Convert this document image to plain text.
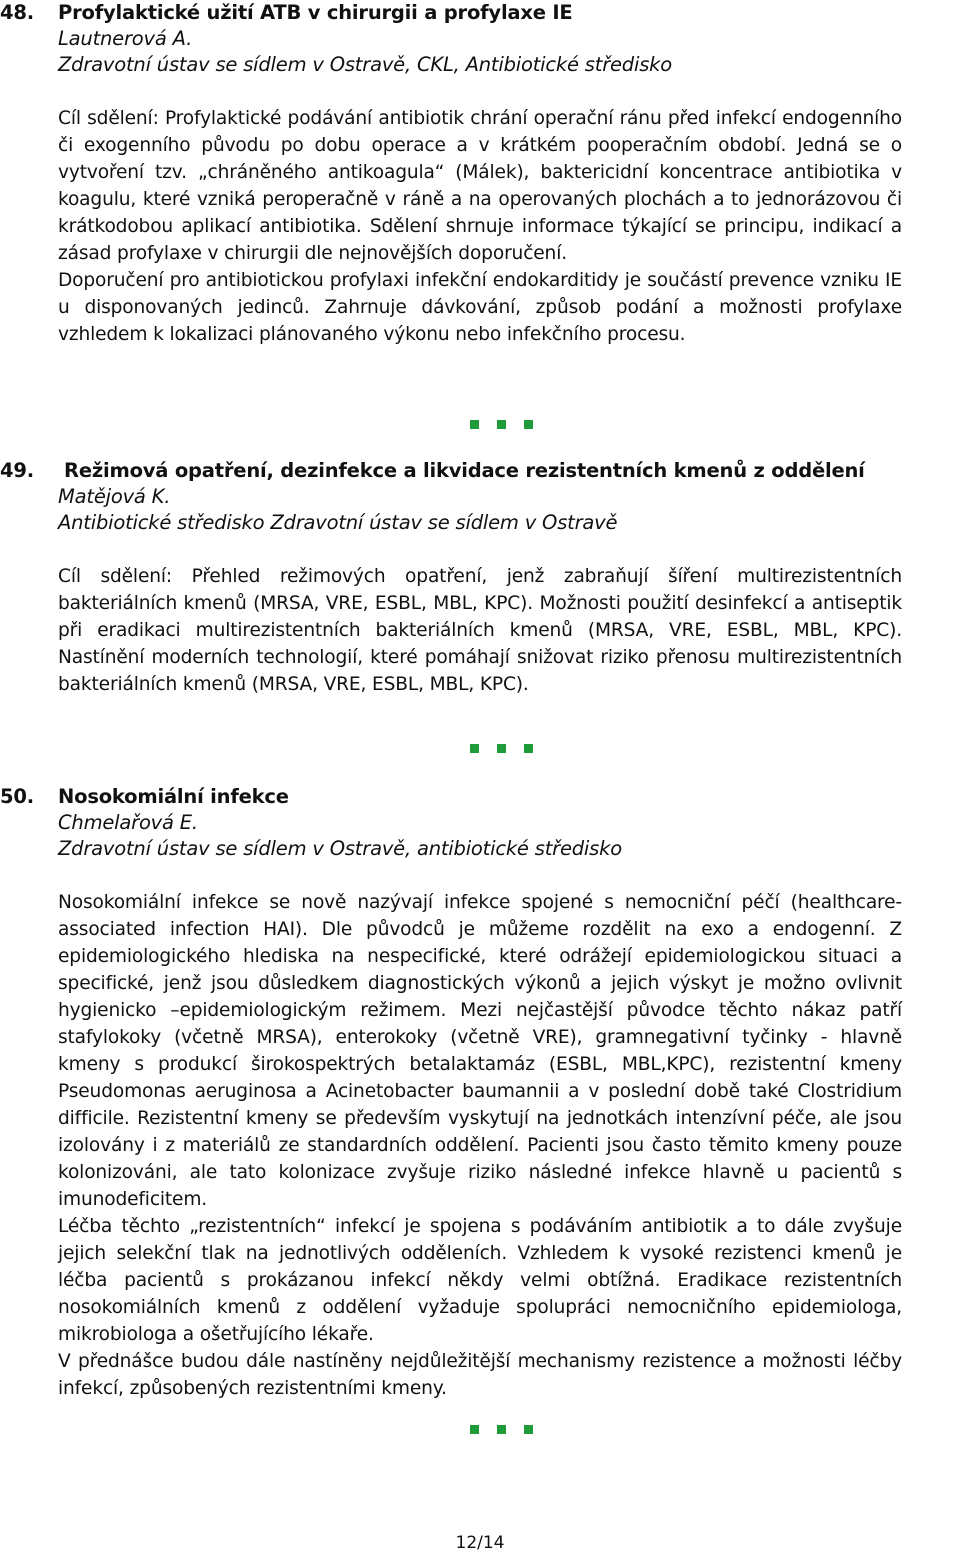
48.	Profylaktické užití ATB v chirurgii a profylaxe IE

Lautnerová A.

Zdravotní ústav se sídlem v Ostravě, CKL, Antibiotické středisko

Cíl sdělení: Profylaktické podávání antibiotik chrání operační ránu před infekcí endogenního či exogenního původu po dobu operace a v krátkém pooperačním období. Jedná se o vytvoření tzv. „chráněného antikoagula“ (Málek), baktericidní koncentrace antibiotika v koagulu, které vzniká peroperačně v ráně a na operovaných plochách a to jednorázovou či krátkodobou aplikací antibiotika. Sdělení shrnuje informace týkající se principu, indikací a zásad profylaxe v chirurgii dle nejnovějších doporučení.

Doporučení pro antibiotickou profylaxi infekční endokarditidy je součástí prevence vzniku IE u disponovaných jedinců. Zahrnuje dávkování, způsob podání a možnosti profylaxe vzhledem k lokalizaci plánovaného výkonu nebo infekčního procesu.

49.	Režimová opatření, dezinfekce a likvidace rezistentních kmenů z oddělení

Matějová K.

Antibiotické středisko Zdravotní ústav se sídlem v Ostravě

Cíl sdělení: Přehled režimových opatření, jenž zabraňují šíření multirezistentních bakteriálních kmenů (MRSA, VRE, ESBL, MBL, KPC). Možnosti použití desinfekcí a antiseptik při eradikaci multirezistentních bakteriálních kmenů (MRSA, VRE, ESBL, MBL, KPC). Nastínění moderních technologií, které pomáhají snižovat riziko přenosu multirezistentních bakteriálních kmenů (MRSA, VRE, ESBL, MBL, KPC).

50.	Nosokomiální infekce

Chmelařová E.

Zdravotní ústav se sídlem v Ostravě, antibiotické středisko

Nosokomiální infekce se nově nazývají infekce spojené s nemocniční péčí (healthcare-associated infection HAI). Dle původců je můžeme rozdělit na exo a endogenní. Z epidemiologického hlediska na nespecifické, které odrážejí epidemiologickou situaci a specifické, jenž jsou důsledkem diagnostických výkonů a jejich výskyt je možno ovlivnit hygienicko –epidemiologickým režimem. Mezi nejčastější původce těchto nákaz patří stafylokoky (včetně MRSA), enterokoky (včetně VRE), gramnegativní tyčinky - hlavně kmeny s produkcí širokospektrých betalaktamáz (ESBL, MBL,KPC), rezistentní kmeny Pseudomonas aeruginosa a Acinetobacter baumannii a v poslední době také Clostridium difficile. Rezistentní kmeny se především vyskytují na jednotkách intenzívní péče, ale jsou izolovány i z materiálů ze standardních oddělení. Pacienti jsou často těmito kmeny pouze kolonizováni, ale tato kolonizace zvyšuje riziko následné infekce hlavně u pacientů s imunodeficitem.

Léčba těchto „rezistentních“ infekcí je spojena s podáváním antibiotik a to dále zvyšuje jejich selekční tlak na jednotlivých odděleních. Vzhledem k vysoké rezistenci kmenů je léčba pacientů s prokázanou infekcí někdy velmi obtížná. Eradikace rezistentních nosokomiálních kmenů z oddělení vyžaduje spolupráci nemocničního epidemiologa, mikrobiologa a ošetřujícího lékaře.

V přednášce budou dále nastíněny nejdůležitější mechanismy rezistence a možnosti léčby infekcí, způsobených rezistentními kmeny.

12/14
